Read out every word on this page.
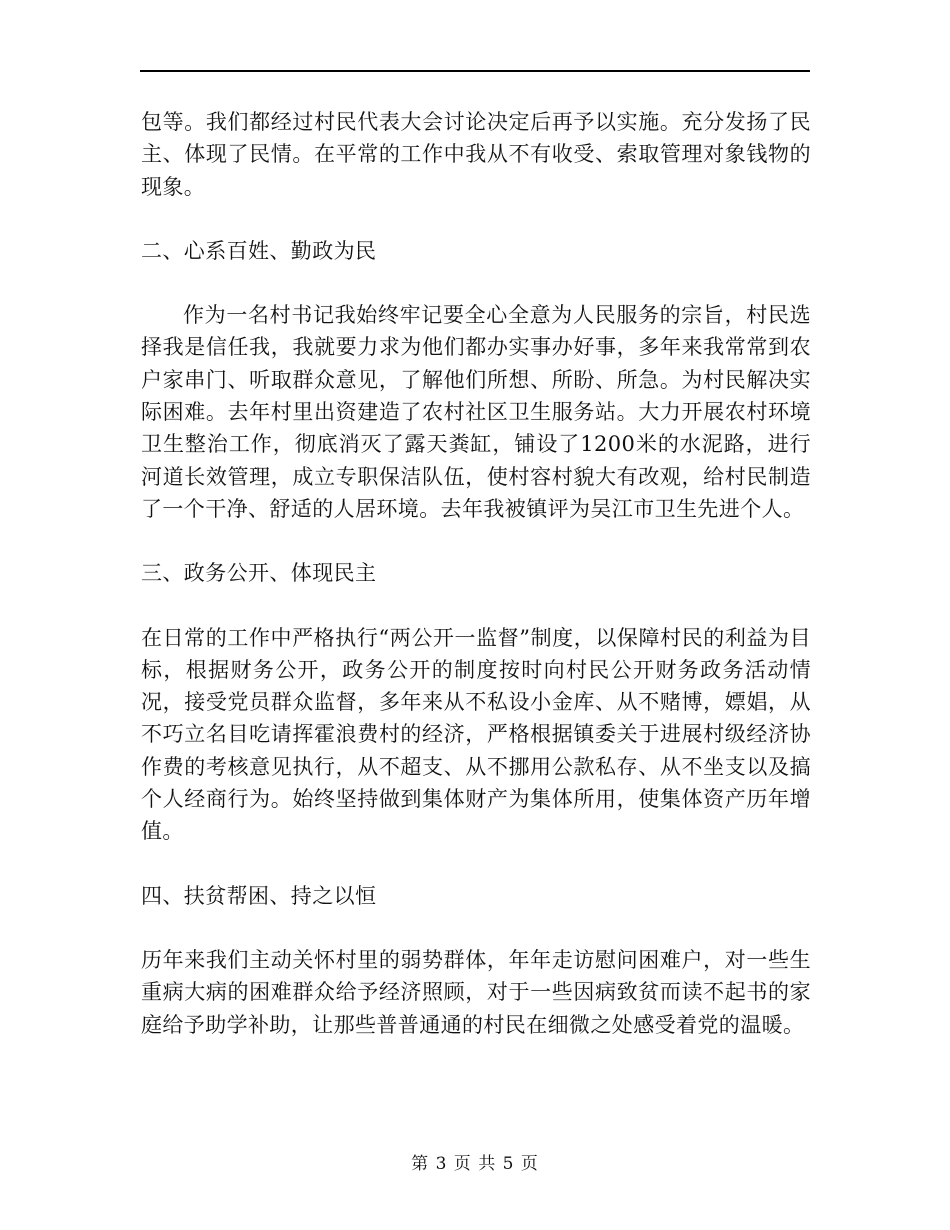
包等。我们都经过村民代表大会讨论决定后再予以实施。充分发扬了民主、体现了民情。在平常的工作中我从不有收受、索取管理对象钱物的现象。

二、心系百姓、勤政为民

作为一名村书记我始终牢记要全心全意为人民服务的宗旨，村民选择我是信任我，我就要力求为他们都办实事办好事，多年来我常常到农户家串门、听取群众意见，了解他们所想、所盼、所急。为村民解决实际困难。去年村里出资建造了农村社区卫生服务站。大力开展农村环境卫生整治工作，彻底消灭了露天粪缸，铺设了1200米的水泥路，进行河道长效管理，成立专职保洁队伍，使村容村貌大有改观，给村民制造了一个干净、舒适的人居环境。去年我被镇评为吴江市卫生先进个人。

三、政务公开、体现民主

在日常的工作中严格执行“两公开一监督”制度，以保障村民的利益为目标，根据财务公开，政务公开的制度按时向村民公开财务政务活动情况，接受党员群众监督，多年来从不私设小金库、从不赌博，嫖娼，从不巧立名目吃请挥霍浪费村的经济，严格根据镇委关于进展村级经济协作费的考核意见执行，从不超支、从不挪用公款私存、从不坐支以及搞个人经商行为。始终坚持做到集体财产为集体所用，使集体资产历年增值。

四、扶贫帮困、持之以恒

历年来我们主动关怀村里的弱势群体，年年走访慰问困难户，对一些生重病大病的困难群众给予经济照顾，对于一些因病致贫而读不起书的家庭给予助学补助，让那些普普通通的村民在细微之处感受着党的温暖。

第 3 页 共 5 页
